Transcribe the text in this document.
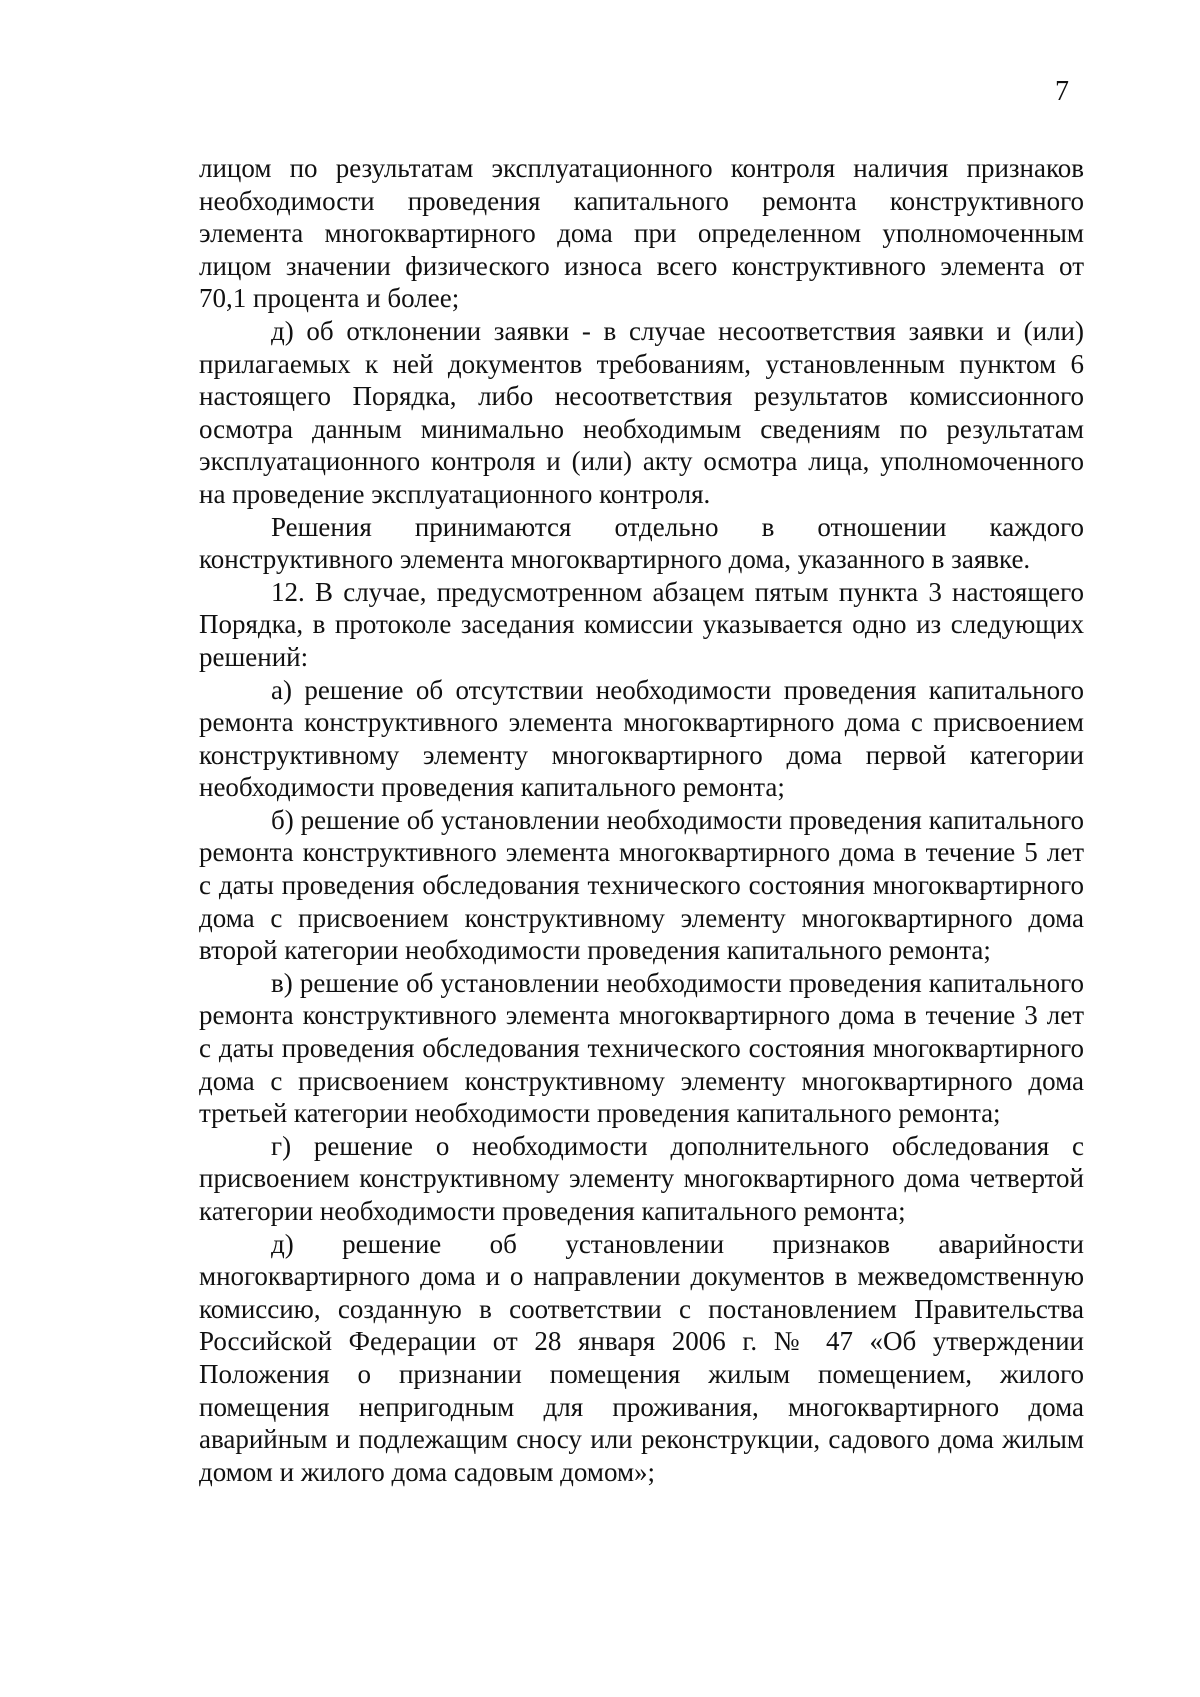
7

лицом по результатам эксплуатационного контроля наличия признаков необходимости проведения капитального ремонта конструктивного элемента многоквартирного дома при определенном уполномоченным лицом значении физического износа всего конструктивного элемента от 70,1 процента и более;

д) об отклонении заявки - в случае несоответствия заявки и (или) прилагаемых к ней документов требованиям, установленным пунктом 6 настоящего Порядка, либо несоответствия результатов комиссионного осмотра данным минимально необходимым сведениям по результатам эксплуатационного контроля и (или) акту осмотра лица, уполномоченного на проведение эксплуатационного контроля.

Решения принимаются отдельно в отношении каждого конструктивного элемента многоквартирного дома, указанного в заявке.

12. В случае, предусмотренном абзацем пятым пункта 3 настоящего Порядка, в протоколе заседания комиссии указывается одно из следующих решений:

а) решение об отсутствии необходимости проведения капитального ремонта конструктивного элемента многоквартирного дома с присвоением конструктивному элементу многоквартирного дома первой категории необходимости проведения капитального ремонта;

б) решение об установлении необходимости проведения капитального ремонта конструктивного элемента многоквартирного дома в течение 5 лет с даты проведения обследования технического состояния многоквартирного дома с присвоением конструктивному элементу многоквартирного дома второй категории необходимости проведения капитального ремонта;

в) решение об установлении необходимости проведения капитального ремонта конструктивного элемента многоквартирного дома в течение 3 лет с даты проведения обследования технического состояния многоквартирного дома с присвоением конструктивному элементу многоквартирного дома третьей категории необходимости проведения капитального ремонта;

г) решение о необходимости дополнительного обследования с присвоением конструктивному элементу многоквартирного дома четвертой категории необходимости проведения капитального ремонта;

д) решение об установлении признаков аварийности многоквартирного дома и о направлении документов в межведомственную комиссию, созданную в соответствии с постановлением Правительства Российской Федерации от 28 января 2006 г. № 47 «Об утверждении Положения о признании помещения жилым помещением, жилого помещения непригодным для проживания, многоквартирного дома аварийным и подлежащим сносу или реконструкции, садового дома жилым домом и жилого дома садовым домом»;
